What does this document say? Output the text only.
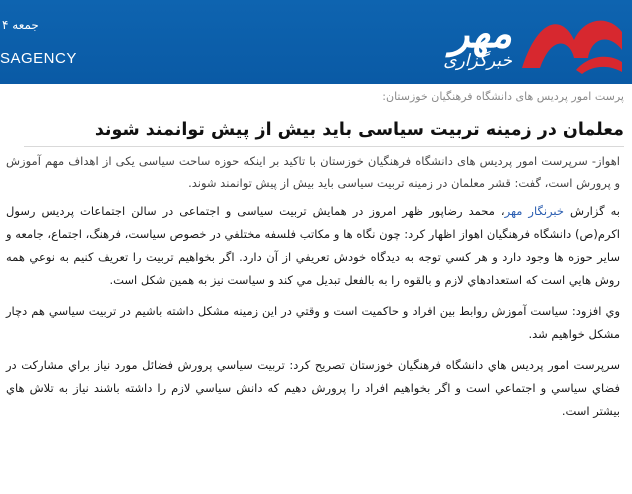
جمعه ۴
SAGENCY
مهر
خبرگزاری
پرست امور پردیس های دانشگاه فرهنگیان خوزستان:
معلمان در زمینه تربیت سیاسی باید بیش از پیش توانمند شوند

اهواز- سرپرست امور پردیس های دانشگاه فرهنگیان خوزستان با تاکید بر اینکه حوزه ساحت سیاسی یکی از اهداف مهم آموزش و پرورش است، گفت: قشر معلمان در زمینه تربیت سیاسی باید بیش از پیش توانمند شوند.

به گزارش خبرنگار مهر، محمد رضاپور ظهر امروز در همایش تربیت سیاسی و اجتماعی در سالن اجتماعات پردیس رسول اکرم(ص) دانشگاه فرهنگیان اهواز اظهار کرد: چون نگاه ها و مکاتب فلسفه مختلفي در خصوص سیاست، فرهنگ، اجتماع، جامعه و سایر حوزه ها وجود دارد و هر کسي توجه به دیدگاه خودش تعریفي از آن دارد. اگر بخواهیم تربیت را تعریف کنیم به نوعي همه روش هایي است که استعدادهاي لازم و بالقوه را به بالفعل تبدیل مي کند و سیاست نیز به همین شکل است.

وي افزود: سیاست آموزش روابط بین افراد و حاکمیت است و وقتي در این زمینه مشکل داشته باشیم در تربیت سیاسي هم دچار مشکل خواهیم شد.

سرپرست امور پردیس هاي دانشگاه فرهنگیان خوزستان تصریح کرد: تربیت سیاسي پرورش فضائل مورد نیاز براي مشارکت در فضاي سیاسي و اجتماعي است و اگر بخواهیم افراد را پرورش دهیم که دانش سیاسي لازم را داشته باشند نیاز به تلاش هاي بیشتر است.
